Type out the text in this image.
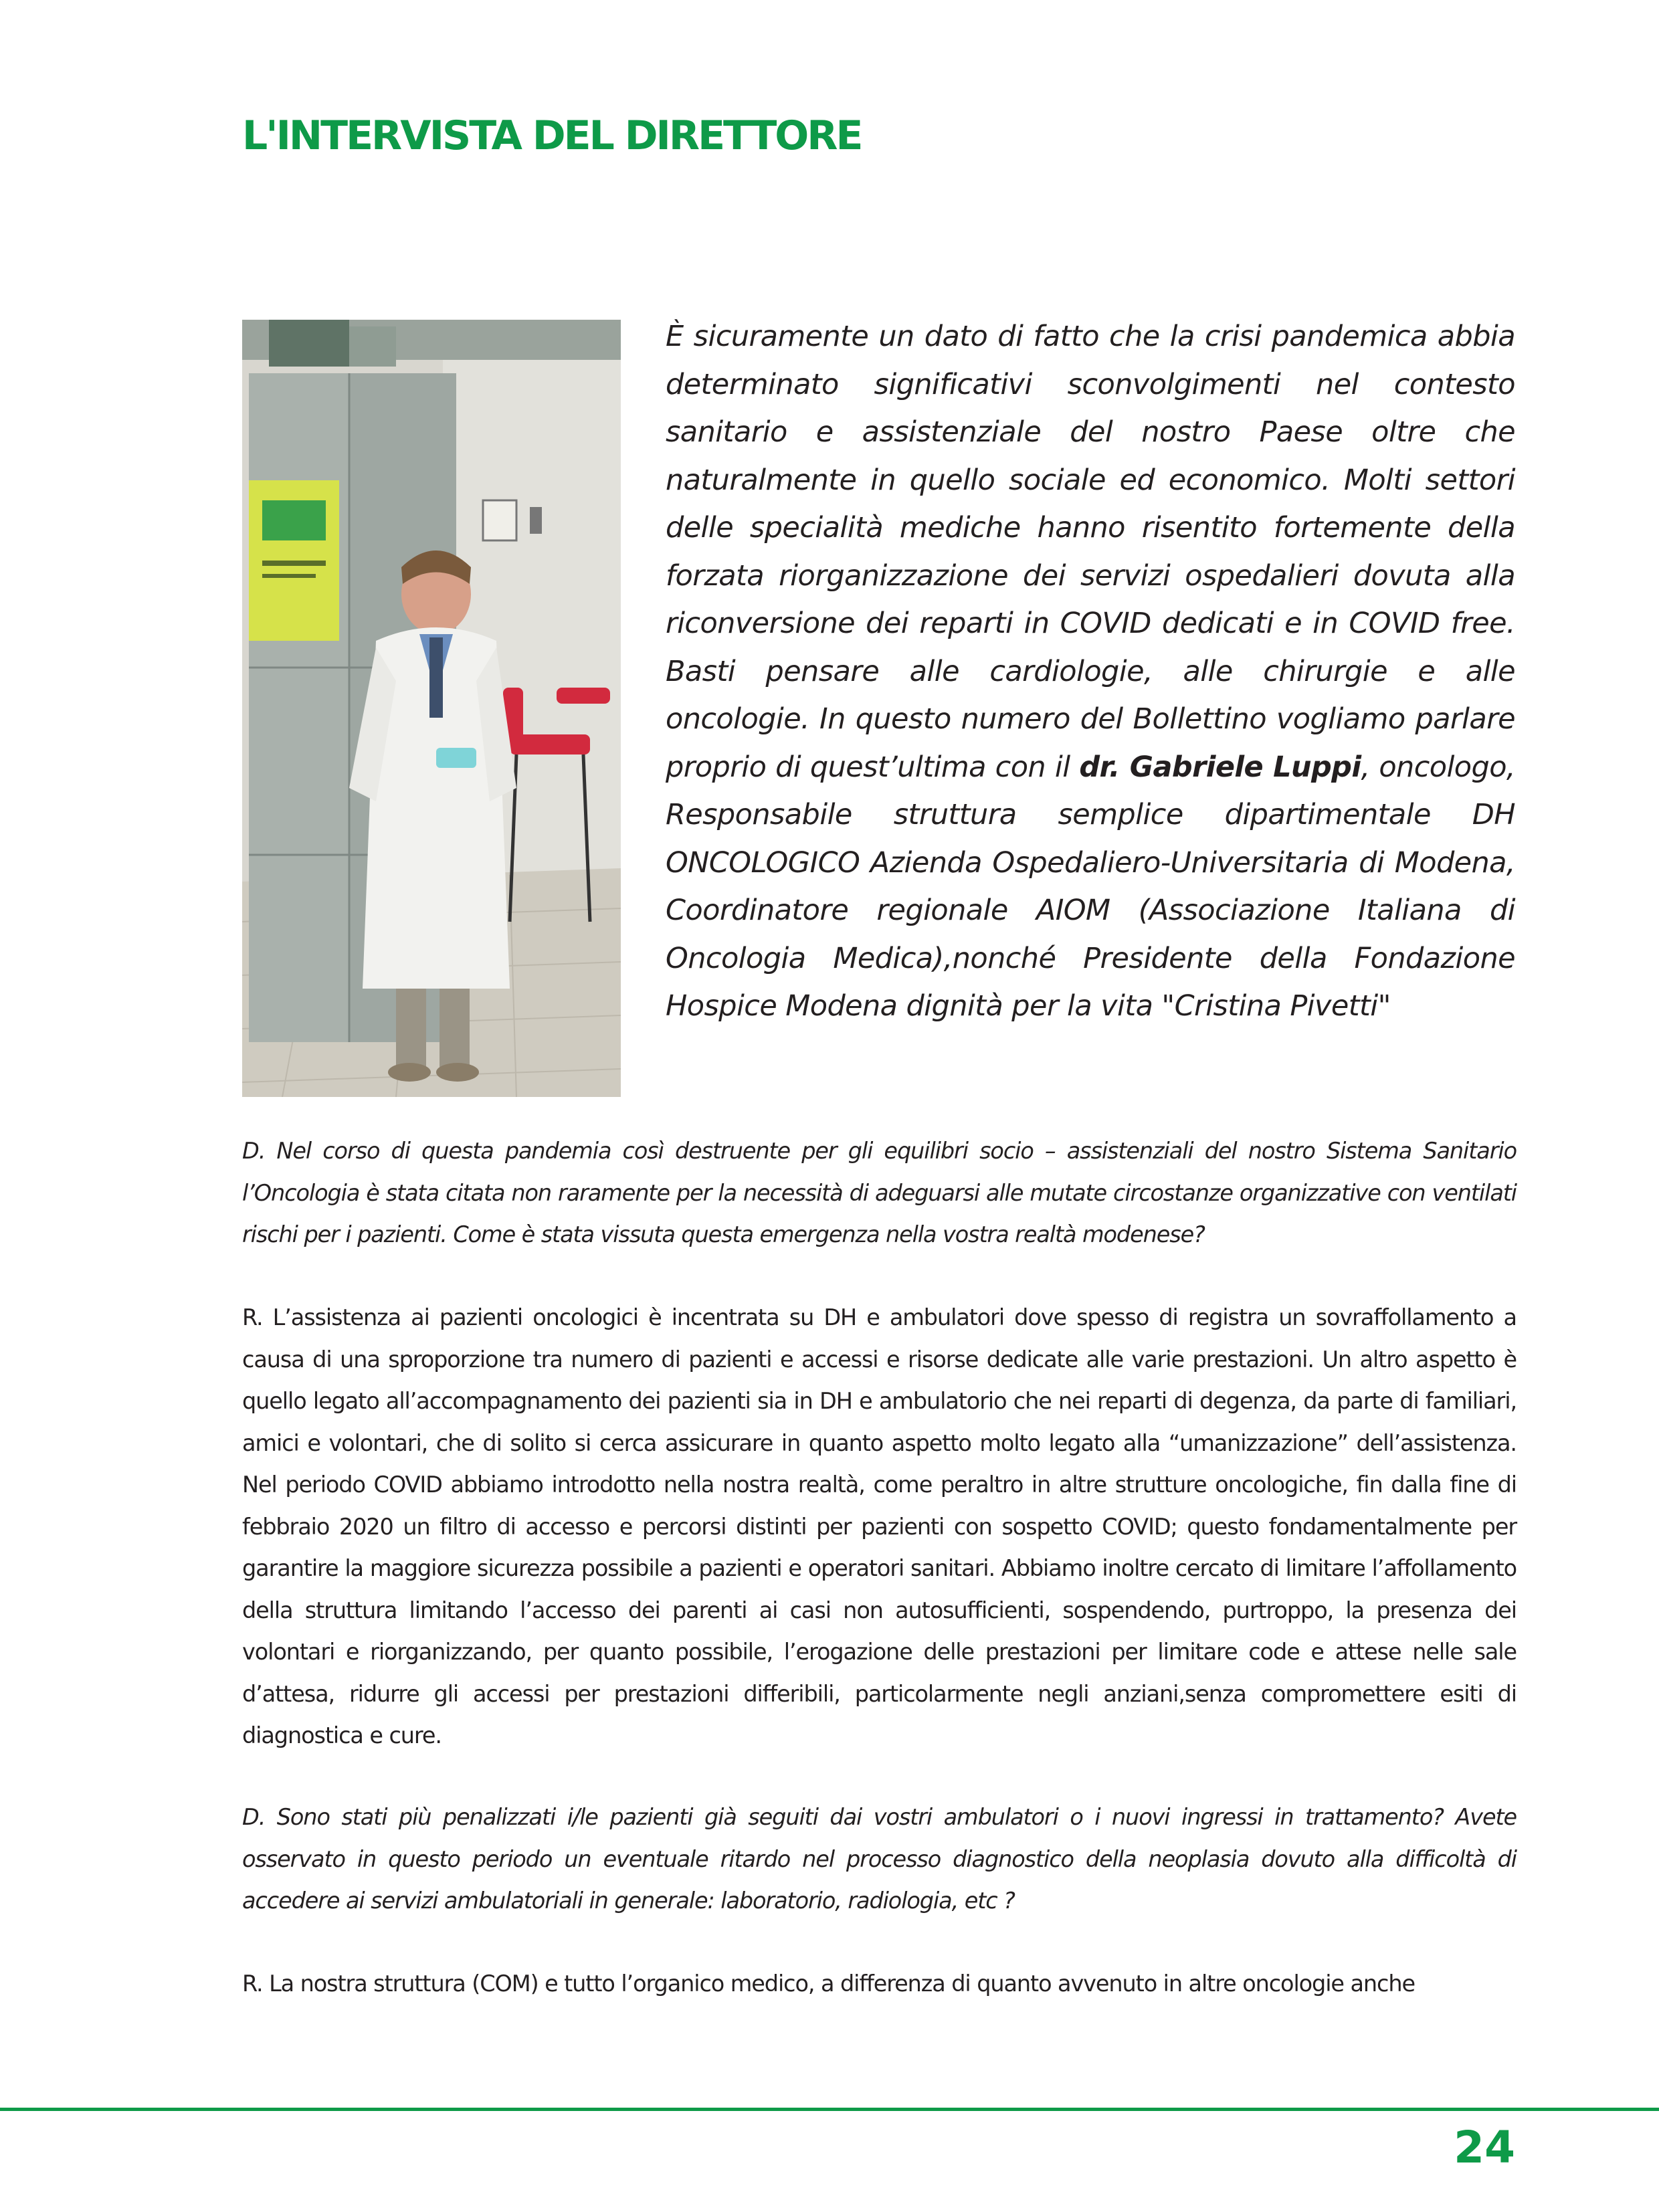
L'INTERVISTA DEL DIRETTORE

È sicuramente un dato di fatto che la crisi pandemica abbia determinato significativi sconvolgimenti nel contesto sanitario e assistenziale del nostro Paese oltre che naturalmente in quello sociale ed economico. Molti settori delle specialità mediche hanno risentito fortemente della forzata riorganizzazione dei servizi ospedalieri dovuta alla riconversione dei reparti in COVID dedicati e in COVID free. Basti pensare alle cardiologie, alle chirurgie e alle oncologie. In questo numero del Bollettino vogliamo parlare proprio di quest’ultima con il dr. Gabriele Luppi, oncologo, Responsabile struttura semplice dipartimentale DH ONCOLOGICO Azienda Ospedaliero-Universitaria di Modena, Coordinatore regionale AIOM (Associazione Italiana di Oncologia Medica),nonché Presidente della Fondazione Hospice Modena dignità per la vita "Cristina Pivetti"

D. Nel corso di questa pandemia così destruente per gli equilibri socio – assistenziali del nostro Sistema Sanitario l’Oncologia è stata citata non raramente per la necessità di adeguarsi alle mutate circostanze organizzative con ventilati rischi per i pazienti. Come è stata vissuta questa emergenza nella vostra realtà modenese?

R. L’assistenza ai pazienti oncologici è incentrata su DH e ambulatori dove spesso di registra un sovraffollamento a causa di una sproporzione tra numero di pazienti e accessi e risorse dedicate alle varie prestazioni. Un altro aspetto è quello legato all’accompagnamento dei pazienti sia in DH e ambulatorio che nei reparti di degenza, da parte di familiari, amici e volontari, che di solito si cerca assicurare in quanto aspetto molto legato alla “umanizzazione” dell’assistenza. Nel periodo COVID abbiamo introdotto nella nostra realtà, come peraltro in altre strutture oncologiche, fin dalla fine di febbraio 2020 un filtro di accesso e percorsi distinti per pazienti con sospetto COVID; questo fondamentalmente per garantire la maggiore sicurezza possibile a pazienti e operatori sanitari. Abbiamo inoltre cercato di limitare l’affollamento della struttura limitando l’accesso dei parenti ai casi non autosufficienti, sospendendo, purtroppo, la presenza dei volontari e riorganizzando, per quanto possibile, l’erogazione delle prestazioni per limitare code e attese nelle sale d’attesa, ridurre gli accessi per prestazioni differibili, particolarmente negli anziani,senza compromettere esiti di diagnostica e cure.

D. Sono stati più penalizzati i/le pazienti già seguiti dai vostri ambulatori o i nuovi ingressi in trattamento? Avete osservato in questo periodo un eventuale ritardo nel processo diagnostico della neoplasia dovuto alla difficoltà di accedere ai servizi ambulatoriali in generale: laboratorio, radiologia, etc ?

R. La nostra struttura (COM) e tutto l’organico medico, a differenza di quanto avvenuto in altre oncologie anche

24
